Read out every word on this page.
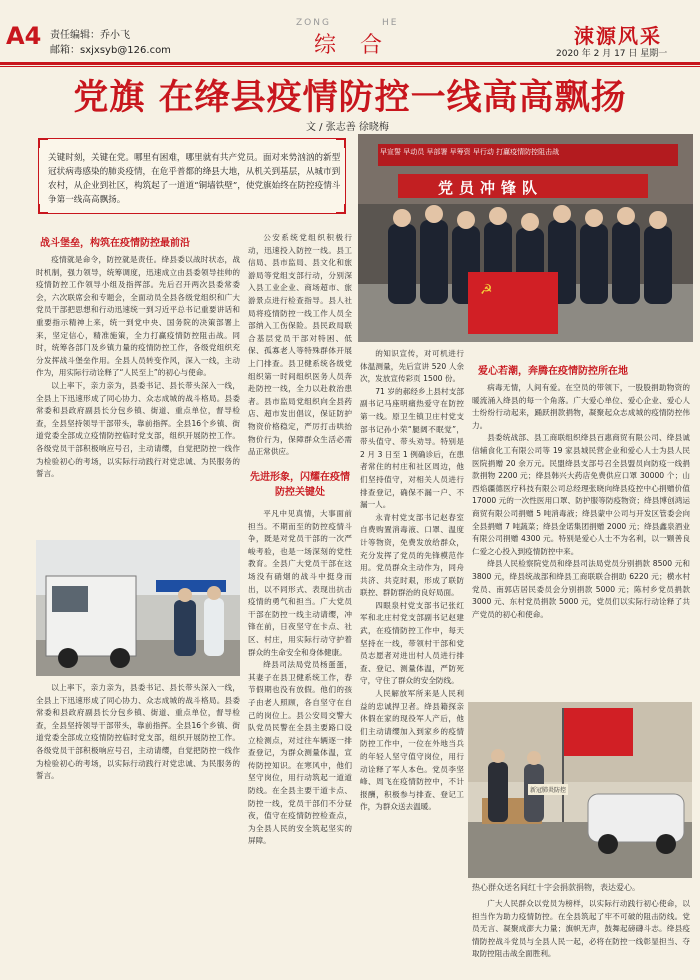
A4 责任编辑：乔小飞
邮箱：sxjxsyb@126.com
ZONG	HE
综合	涑源风采
2020 年 2 月 17 日 星期一
党旗 在绛县疫情防控一线高高飘扬
文 / 张志善 徐晓梅
关键时刻，关键在党。哪里有困难，哪里就有共产党员。面对来势汹汹的新型冠状病毒感染的肺炎疫情，在危乎普都的绛县大地，从机关到基层，从城市到农村，从企业到社区，构筑起了一道道“铜墙铁壁”，使党旗始终在防控疫情斗争第一线高高飘扬。
☭
早宣誓 早动员 早部署 早筹资 早行动 打赢疫情防控阻击战
党员冲锋队
新冠肺炎防控
战斗堡垒，构筑在疫情防控最前沿

疫情就是命令，防控就是责任。绛县委以战时状态，战时机制，强力领导，统筹调度，迅速成立由县委领导挂帅的疫情防控工作领导小组及指挥部。先后召开两次县委常委会，六次联席会和专题会，全面动员全县各级党组织和广大党员干部把思想和行动迅速统一到习近平总书记重要讲话和重要指示精神上来，统一到党中央、国务院的决策部署上来，坚定信心，精准施策，全力打赢疫情防控阻击战。同时，统筹各部门及乡镇力量的疫情防控工作，各级党组织充分发挥战斗堡垒作用。全县人员转变作风，深入一线，主动作为，用实际行动诠释了“人民至上”的初心与使命。

以上率下，亲力亲为，县委书记、县长带头深入一线，全县上下迅速形成了同心协力、众志成城的战斗格局。县委常委和县政府副县长分包乡镇、街道、重点单位，督导检查，全县坚持领导干部带头，靠前指挥。全县16个乡镇、街道党委全部成立疫情防控临时党支部，组织开展防控工作。各级党员干部积极响应号召，主动请缨，自觉把防控一线作为检验初心的考场，以实际行动践行对党忠诚、为民服务的誓言。

以上率下，亲力亲为，县委书记、县长带头深入一线，全县上下迅速形成了同心协力、众志成城的战斗格局。县委常委和县政府副县长分包乡镇、街道、重点单位，督导检查，全县坚持领导干部带头，靠前指挥。全县16个乡镇、街道党委全部成立疫情防控临时党支部，组织开展防控工作。各级党员干部积极响应号召，主动请缨，自觉把防控一线作为检验初心的考场，以实际行动践行对党忠诚、为民服务的誓言。

公安系统党组织积极行动，迅速投入防控一线。县工信局、县市监局、县文化和旅游局等党组支部行动，分别深入县工业企业、商场超市、旅游景点进行检查指导。县人社局将疫情防控一线工作人员全部纳入工伤保险。县民政局联合基层党员干部对特困、低保、孤寡老人等特殊群体开展上门排查。县卫健系统各级党组织第一时间组织医务人员奔赴防控一线，全力以赴救治患者。县市监局党组织向全县药店、超市发出倡议，保证防护物资价格稳定，严厉打击哄抬物价行为，保障群众生活必需品正常供应。

先进形象，闪耀在疫情防控关键处

平凡中见真情，大事面前担当。不期而至的防控疫情斗争，既是对党员干部的一次严峻考验，也是一场深刻的党性教育。全县广大党员干部在这场没有硝烟的战斗中挺身而出，以不同形式、表现出抗击疫情的勇气和担当。广大党员干部在防控一线主动请缨，冲锋在前，日夜坚守在卡点、社区、村庄，用实际行动守护着群众的生命安全和身体健康。

绛县司法局党员杨蛋蛋，其妻子在县卫健系统工作，春节假期也没有放假。他们的孩子由老人照顾，各自坚守在自己的岗位上。县公安局交警大队党员民警在全县主要路口设立检测点，对过往车辆逐一排查登记，为群众测量体温，宣传防控知识。在寒风中，他们坚守岗位，用行动筑起一道道防线。在全县主要干道卡点、防控一线，党员干部们不分昼夜，值守在疫情防控检查点，为全县人民的安全筑起坚实的屏障。

的知识宣传，对可机进行体温测量，先后宣讲 520 人余次，发放宣传彩页 1500 份。

71 岁的郝经乡上县村支部副书记马座明痛热爱守在防控第一线。原卫生镇卫庄村党支部书记孙小荣“腿阔不眠觉”，带头值守、带头劝导。特别是 2 月 3 日至 1 例确诊后，在患者常住的村庄和社区周边，他们坚持值守，对相关人员进行排查登记，确保不漏一户、不漏一人。

永青村党支部书记赵春室自费购置消毒液、口罩、温度计等物资，免费发放给群众，充分发挥了党员的先锋模范作用。党员群众主动作为，同舟共济、共克时艰，形成了联防联控、群防群治的良好局面。

四眼泉村党支部书记张红军和北庄村党支部副书记赵建武，在疫情防控工作中，每天坚持在一线，带领村干部和党员志愿者对进出村人员进行排查、登记、测量体温，严防死守，守住了群众的安全防线。

人民解放军所来是人民利益的忠诚捍卫者。绛县籍探亲休假在家的现役军人产后，他们主动请缨加入到家乡的疫情防控工作中，一位在外地当兵的年轻人坚守值守岗位，用行动诠释了军人本色。党员李坚峰、周飞在疫情防控中，不计报酬，积极参与排查、登记工作，为群众送去温暖。

爱心若潮，奔腾在疫情防控所在地

病毒无情，人间有爱。在空员的带领下，一股股捐助物资的暖流涌入绛县的每一个角落。广大爱心单位、爱心企业、爱心人士纷纷行动起来，踊跃捐款捐物，凝聚起众志成城的疫情防控伟力。

县委统战部、县工商联组织绛县百惠商贸有限公司、绛县诚信辅食化工有限公司等 19 家县城民营企业和爱心人士为县人民医院捐赠 20 余万元。民盟绛县支部号召全县盟员向防疫一线捐款捐物 2200 元；绛县韩兴大药店免费供应口罩 30000 个；山西焰疆德医疗科技有限公司总经理张晓向绛县疫控中心捐赠价值 17000 元的一次性医用口罩、防护服等防疫物资；绛县博创鸿运商贸有限公司捐赠 5 吨消毒液；绛县蒙中公司与开发区管委会向全县捐赠 7 吨蔬菜；绛县金诺集团捐赠 2000 元；绛县鑫泉酒业有限公司捐赠 4300 元。特别是爱心人士不为名利，以一颗善良仁爱之心投入到疫情防控中来。

绛县人民检察院党员和绛县司法局党员分别捐款 8500 元和 3800 元，绛县统战部和绛县工商联联合捐助 6220 元；横水村党员、南郭店居民委员会分别捐款 5000 元；陈村乡党员捐款 3000 元、东村党员捐款 5000 元，党员们以实际行动诠释了共产党员的初心和使命。

热心群众送名间红十字会捐款捐物，表达爱心。

广大人民群众以党员为榜样，以实际行动践行初心使命，以担当作为助力疫情防控。在全县筑起了牢不可破的阻击防线。党员无言、凝聚成澎大力量；旗帜无声，鼓舞起磅礴斗志。绛县疫情防控战斗党员与全县人民一起，必将在防控一线彰显担当、夺取防控阻击战全面胜利。
